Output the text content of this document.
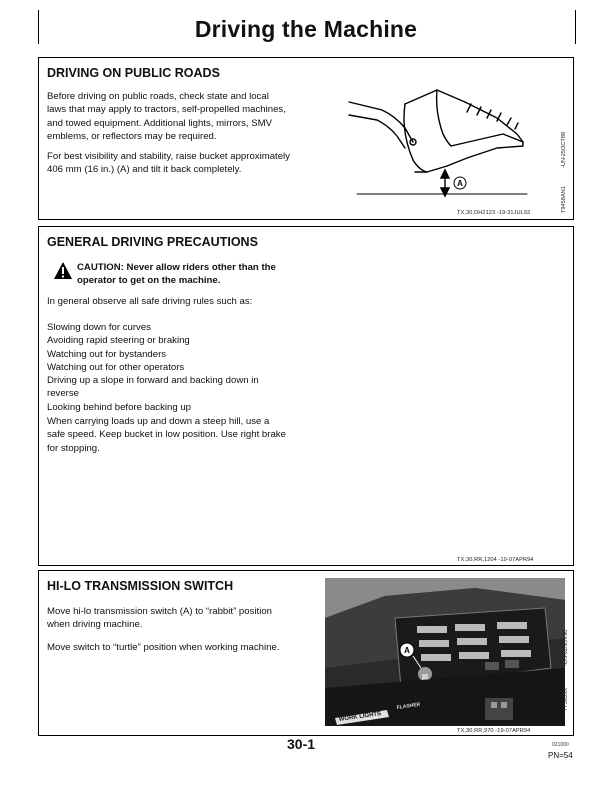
Driving the Machine
DRIVING ON PUBLIC ROADS
Before driving on public roads, check state and local
laws that may apply to tractors, self-propelled machines,
and towed equipment. Additional lights, mirrors, SMV
emblems, or reflectors may be required.
For best visibility and stability, raise bucket approximately
406 mm (16 in.) (A) and tilt it back completely.
A
T9458AN1
-UN-25OCT88
TX,30,DH2123 -19-31JUL92
GENERAL DRIVING PRECAUTIONS
CAUTION: Never allow riders other than the
operator to get on the machine.
In general observe all safe driving rules such as:
Slowing down for curves
Avoiding rapid steering or braking
Watching out for bystanders
Watching out for other operators
Driving up a slope in forward and backing down in
reverse
Looking behind before backing up
When carrying loads up and down a steep hill, use a
safe speed. Keep bucket in low position. Use right brake
for stopping.
TX,30,RR,1204 -19-07APR94
HI-LO TRANSMISSION SWITCH
Move hi-lo transmission switch (A) to “rabbit” position
when driving machine.
Move switch to “turtle” position when working machine.
WORK LIGHTS
FLASHER
A
T7395SX
-UN-02NOV90
TX,30,RR,970 -19-07APR94
30-1	021000
PN=54
